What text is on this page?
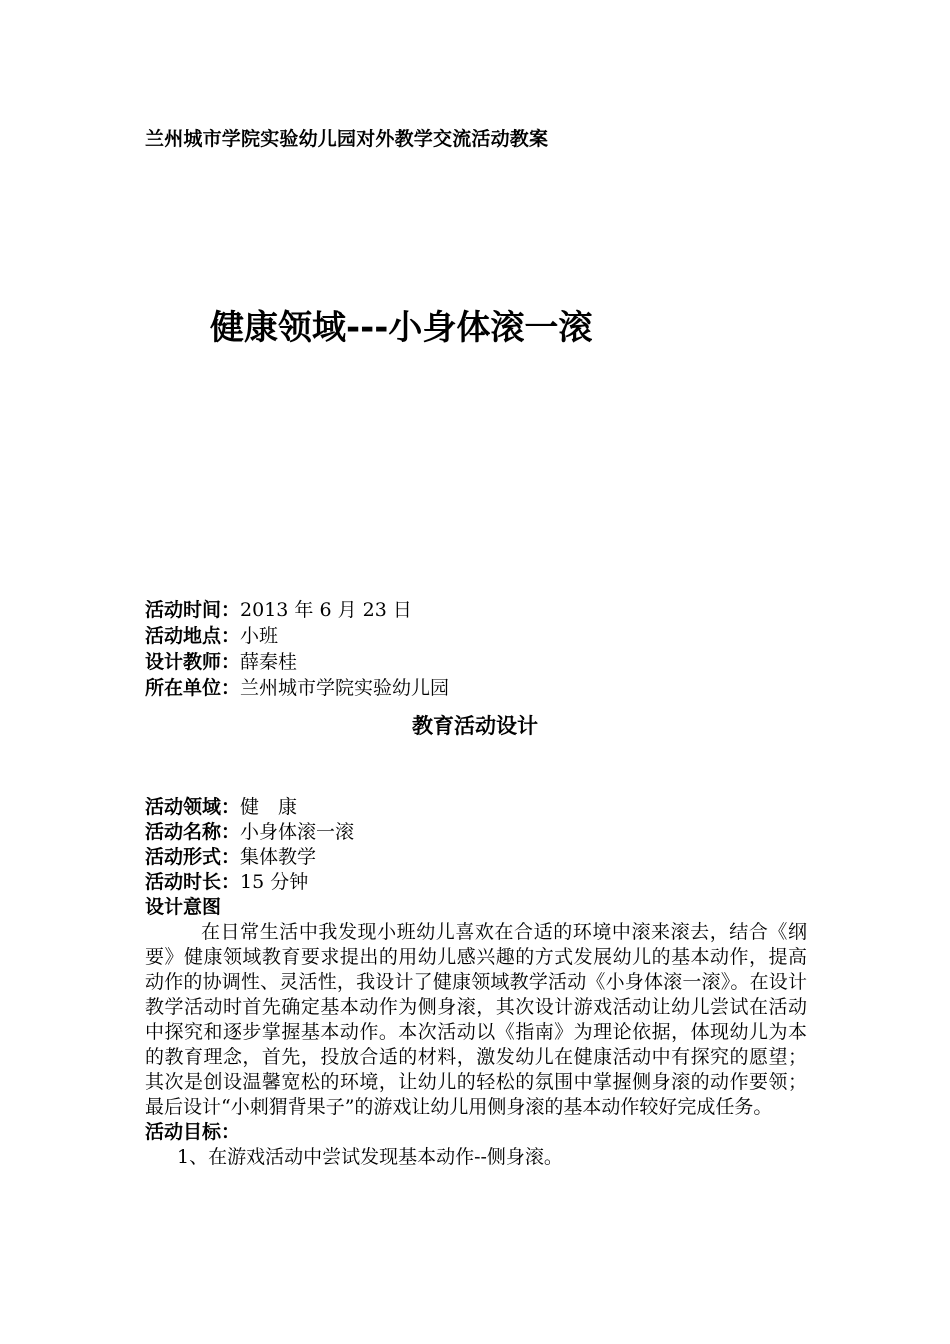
兰州城市学院实验幼儿园对外教学交流活动教案
健康领域---小身体滚一滚
活动时间：2013 年 6 月 23 日
活动地点：小班
设计教师：薛秦桂
所在单位：兰州城市学院实验幼儿园
教育活动设计
活动领域：健　康
活动名称：小身体滚一滚
活动形式：集体教学
活动时长：15 分钟
设计意图

在日常生活中我发现小班幼儿喜欢在合适的环境中滚来滚去，结合《纲要》健康领域教育要求提出的用幼儿感兴趣的方式发展幼儿的基本动作，提高动作的协调性、灵活性，我设计了健康领域教学活动《小身体滚一滚》。在设计教学活动时首先确定基本动作为侧身滚，其次设计游戏活动让幼儿尝试在活动中探究和逐步掌握基本动作。本次活动以《指南》为理论依据，体现幼儿为本的教育理念，首先，投放合适的材料，激发幼儿在健康活动中有探究的愿望；其次是创设温馨宽松的环境，让幼儿的轻松的氛围中掌握侧身滚的动作要领；最后设计“小刺猬背果子”的游戏让幼儿用侧身滚的基本动作较好完成任务。

活动目标：
1、在游戏活动中尝试发现基本动作--侧身滚。
